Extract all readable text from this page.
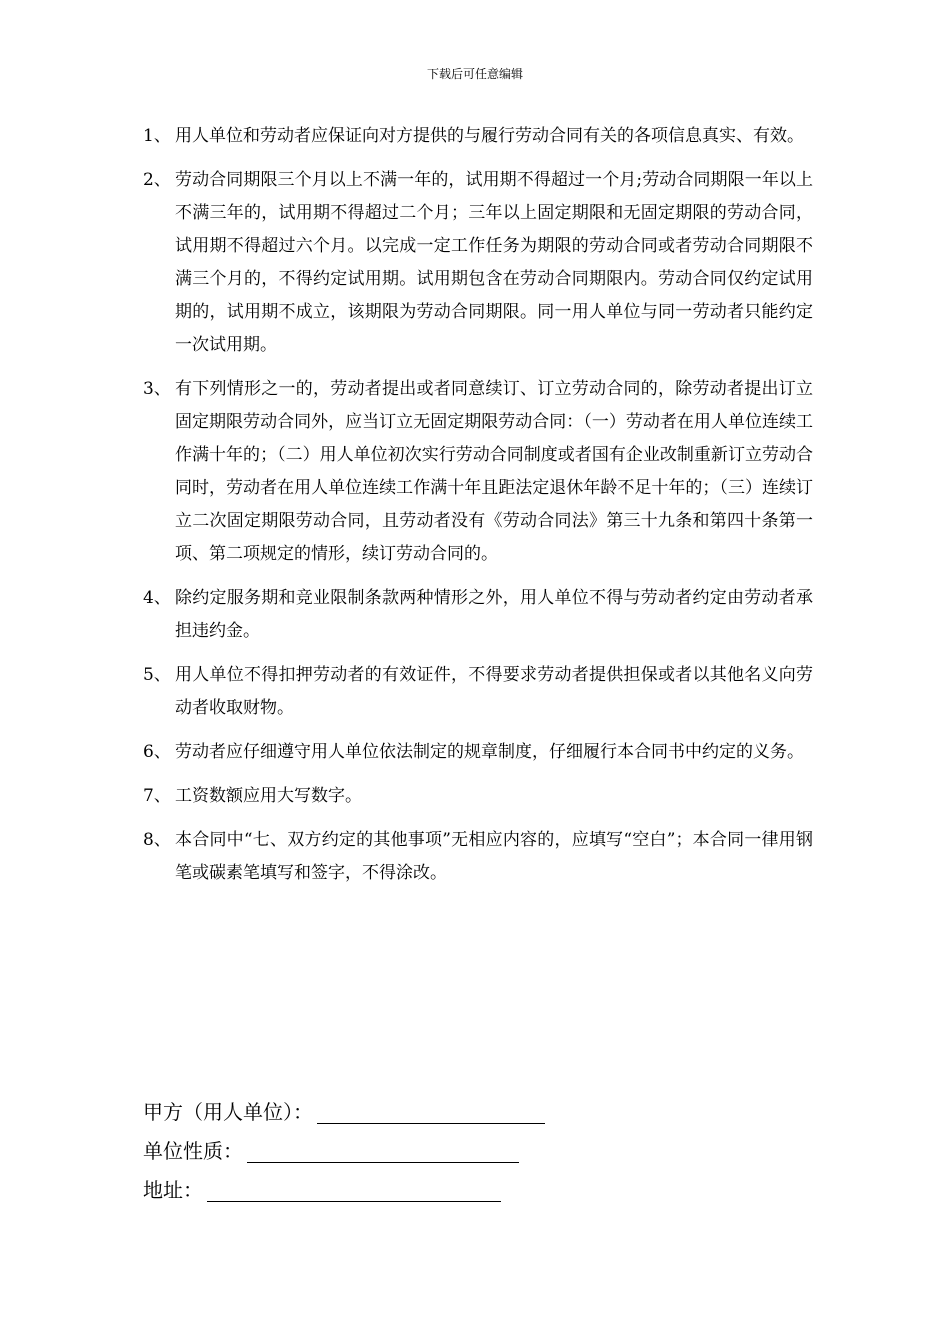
下载后可任意编辑
1、 用人单位和劳动者应保证向对方提供的与履行劳动合同有关的各项信息真实、有效。
2、 劳动合同期限三个月以上不满一年的，试用期不得超过一个月;劳动合同期限一年以上不满三年的，试用期不得超过二个月；三年以上固定期限和无固定期限的劳动合同，试用期不得超过六个月。以完成一定工作任务为期限的劳动合同或者劳动合同期限不满三个月的，不得约定试用期。试用期包含在劳动合同期限内。劳动合同仅约定试用期的，试用期不成立，该期限为劳动合同期限。同一用人单位与同一劳动者只能约定一次试用期。
3、 有下列情形之一的，劳动者提出或者同意续订、订立劳动合同的，除劳动者提出订立固定期限劳动合同外，应当订立无固定期限劳动合同：（一）劳动者在用人单位连续工作满十年的；（二）用人单位初次实行劳动合同制度或者国有企业改制重新订立劳动合同时，劳动者在用人单位连续工作满十年且距法定退休年龄不足十年的；（三）连续订立二次固定期限劳动合同，且劳动者没有《劳动合同法》第三十九条和第四十条第一项、第二项规定的情形，续订劳动合同的。
4、 除约定服务期和竞业限制条款两种情形之外，用人单位不得与劳动者约定由劳动者承担违约金。
5、 用人单位不得扣押劳动者的有效证件，不得要求劳动者提供担保或者以其他名义向劳动者收取财物。
6、 劳动者应仔细遵守用人单位依法制定的规章制度，仔细履行本合同书中约定的义务。
7、 工资数额应用大写数字。
8、 本合同中“七、双方约定的其他事项”无相应内容的，应填写“空白”；本合同一律用钢笔或碳素笔填写和签字，不得涂改。
甲方（用人单位）：
单位性质：
地址：
